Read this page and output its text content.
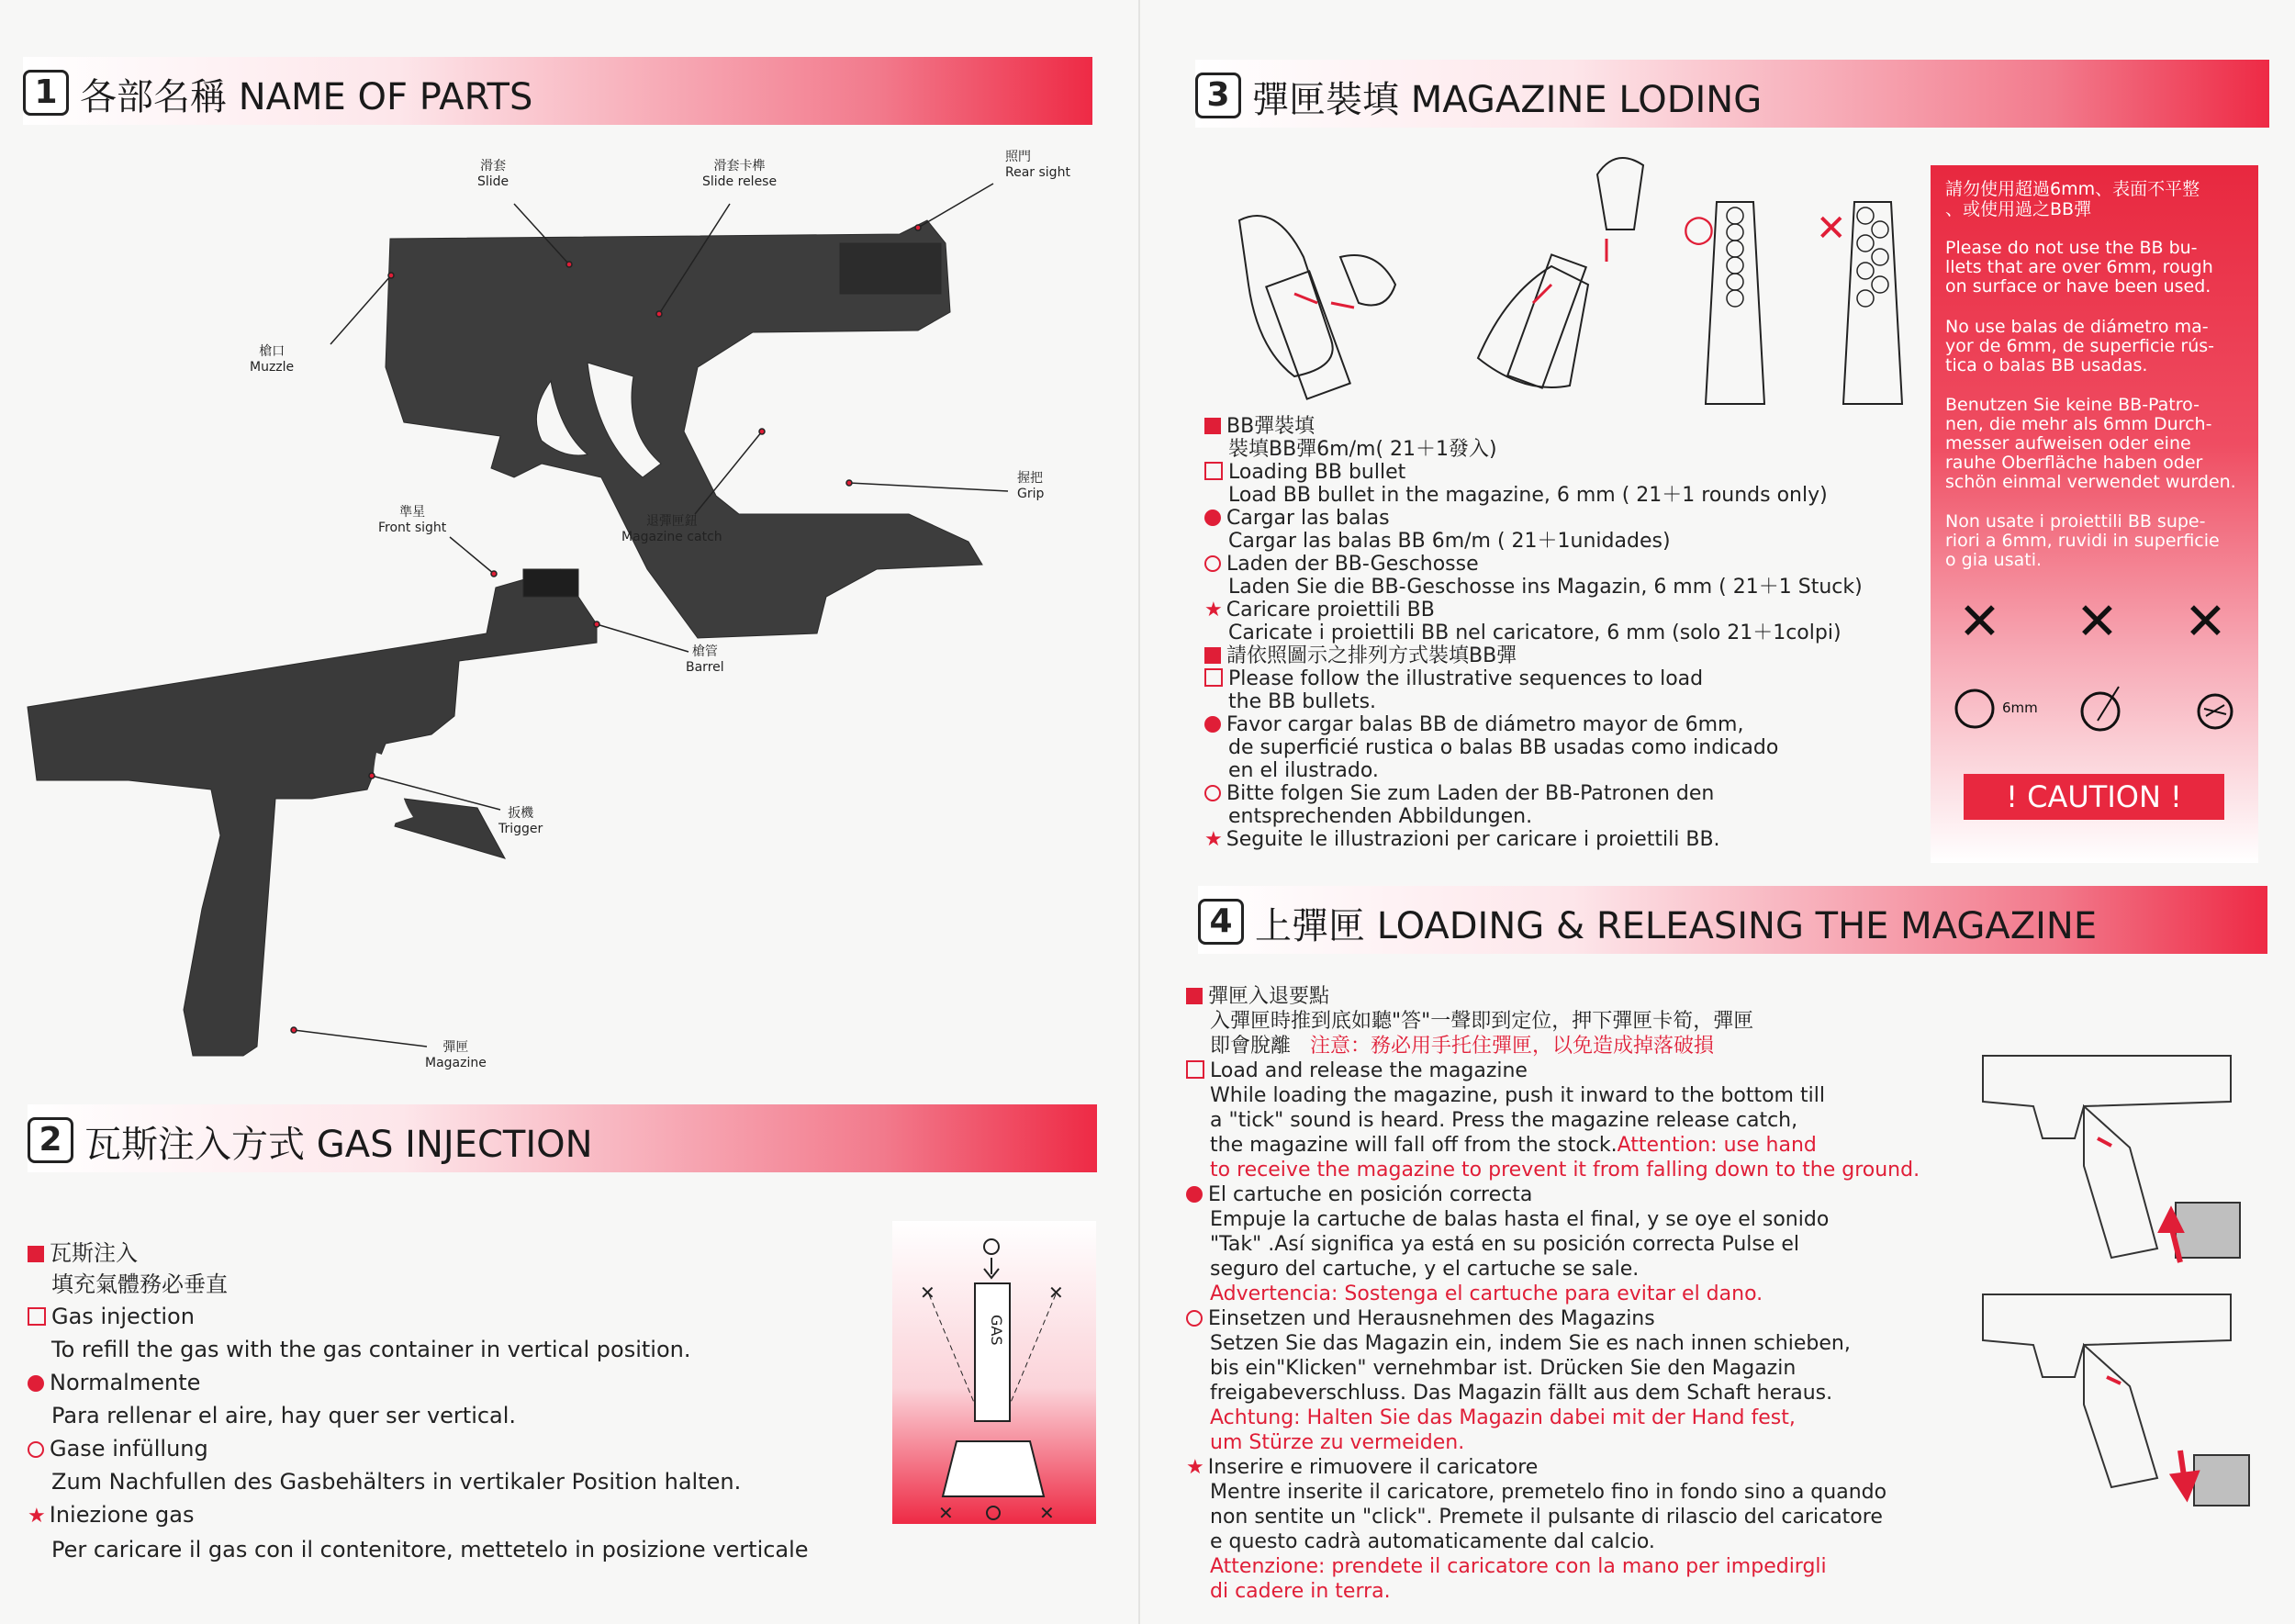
1 各部名稱 NAME OF PARTS
滑套
Slide
滑套卡榫
Slide relese
照門
Rear sight
槍口
Muzzle
握把
Grip
準星
Front sight	退彈匣鈕
Magazine catch
槍管
Barrel
扳機
Trigger
彈匣
Magazine
2 瓦斯注入方式 GAS INJECTION
瓦斯注入
填充氣體務必垂直
Gas injection
To refill the gas with the gas container in vertical position.
Normalmente
Para rellenar el aire, hay quer ser vertical.
Gase infüllung
Zum Nachfullen des Gasbehälters in vertikaler Position halten.
★ Iniezione gas
Per caricare il gas con il contenitore, mettetelo in posizione verticale
GAS
✕	✕
✕	✕
3 彈匣裝填 MAGAZINE LODING
○	✕
BB彈裝填
裝填BB彈6m/m( 21＋1發入)
Loading BB bullet
Load BB bullet in the magazine, 6 mm ( 21＋1 rounds only)
Cargar las balas
Cargar las balas BB 6m/m ( 21＋1unidades)
Laden der BB-Geschosse
Laden Sie die BB-Geschosse ins Magazin, 6 mm ( 21＋1 Stuck)
★ Caricare proiettili BB
Caricate i proiettili BB nel caricatore, 6 mm (solo 21＋1colpi)
請依照圖示之排列方式裝填BB彈
Please follow the illustrative sequences to load
the BB bullets.
Favor cargar balas BB de diámetro mayor de 6mm,
de superficié rustica o balas BB usadas como indicado
en el ilustrado.
Bitte folgen Sie zum Laden der BB-Patronen den
entsprechenden Abbildungen.
★ Seguite le illustrazioni per caricare i proiettili BB.
請勿使用超過6mm、表面不平整
、或使用過之BB彈
Please do not use the BB bu-
llets that are over 6mm, rough
on surface or have been used.
No use balas de diámetro ma-
yor de 6mm, de superficie rús-
tica o balas BB usadas.
Benutzen Sie keine BB-Patro-
nen, die mehr als 6mm Durch-
messer aufweisen oder eine
rauhe Oberfläche haben oder
schön einmal verwendet wurden.
Non usate i proiettili BB supe-
riori a 6mm, ruvidi in superficie
o gia usati.
✕ ✕ ✕
6mm
! CAUTION !
4 上彈匣 LOADING & RELEASING THE MAGAZINE
彈匣入退要點
入彈匣時推到底如聽"答"一聲即到定位，押下彈匣卡筍，彈匣
即會脫離 注意：務必用手托住彈匣，以免造成掉落破損
Load and release the magazine
While loading the magazine, push it inward to the bottom till
a "tick" sound is heard. Press the magazine release catch,
the magazine will fall off from the stock.Attention: use hand
to receive the magazine to prevent it from falling down to the ground.
El cartuche en posición correcta
Empuje la cartuche de balas hasta el final, y se oye el sonido
"Tak" .Así significa ya está en su posición correcta Pulse el
seguro del cartuche, y el cartuche se sale.
Advertencia: Sostenga el cartuche para evitar el dano.
Einsetzen und Herausnehmen des Magazins
Setzen Sie das Magazin ein, indem Sie es nach innen schieben,
bis ein"Klicken" vernehmbar ist. Drücken Sie den Magazin
freigabeverschluss. Das Magazin fällt aus dem Schaft heraus.
Achtung: Halten Sie das Magazin dabei mit der Hand fest,
um Stürze zu vermeiden.
★ Inserire e rimuovere il caricatore
Mentre inserite il caricatore, premetelo fino in fondo sino a quando
non sentite un "click". Premete il pulsante di rilascio del caricatore
e questo cadrà automaticamente dal calcio.
Attenzione: prendete il caricatore con la mano per impedirgli
di cadere in terra.
